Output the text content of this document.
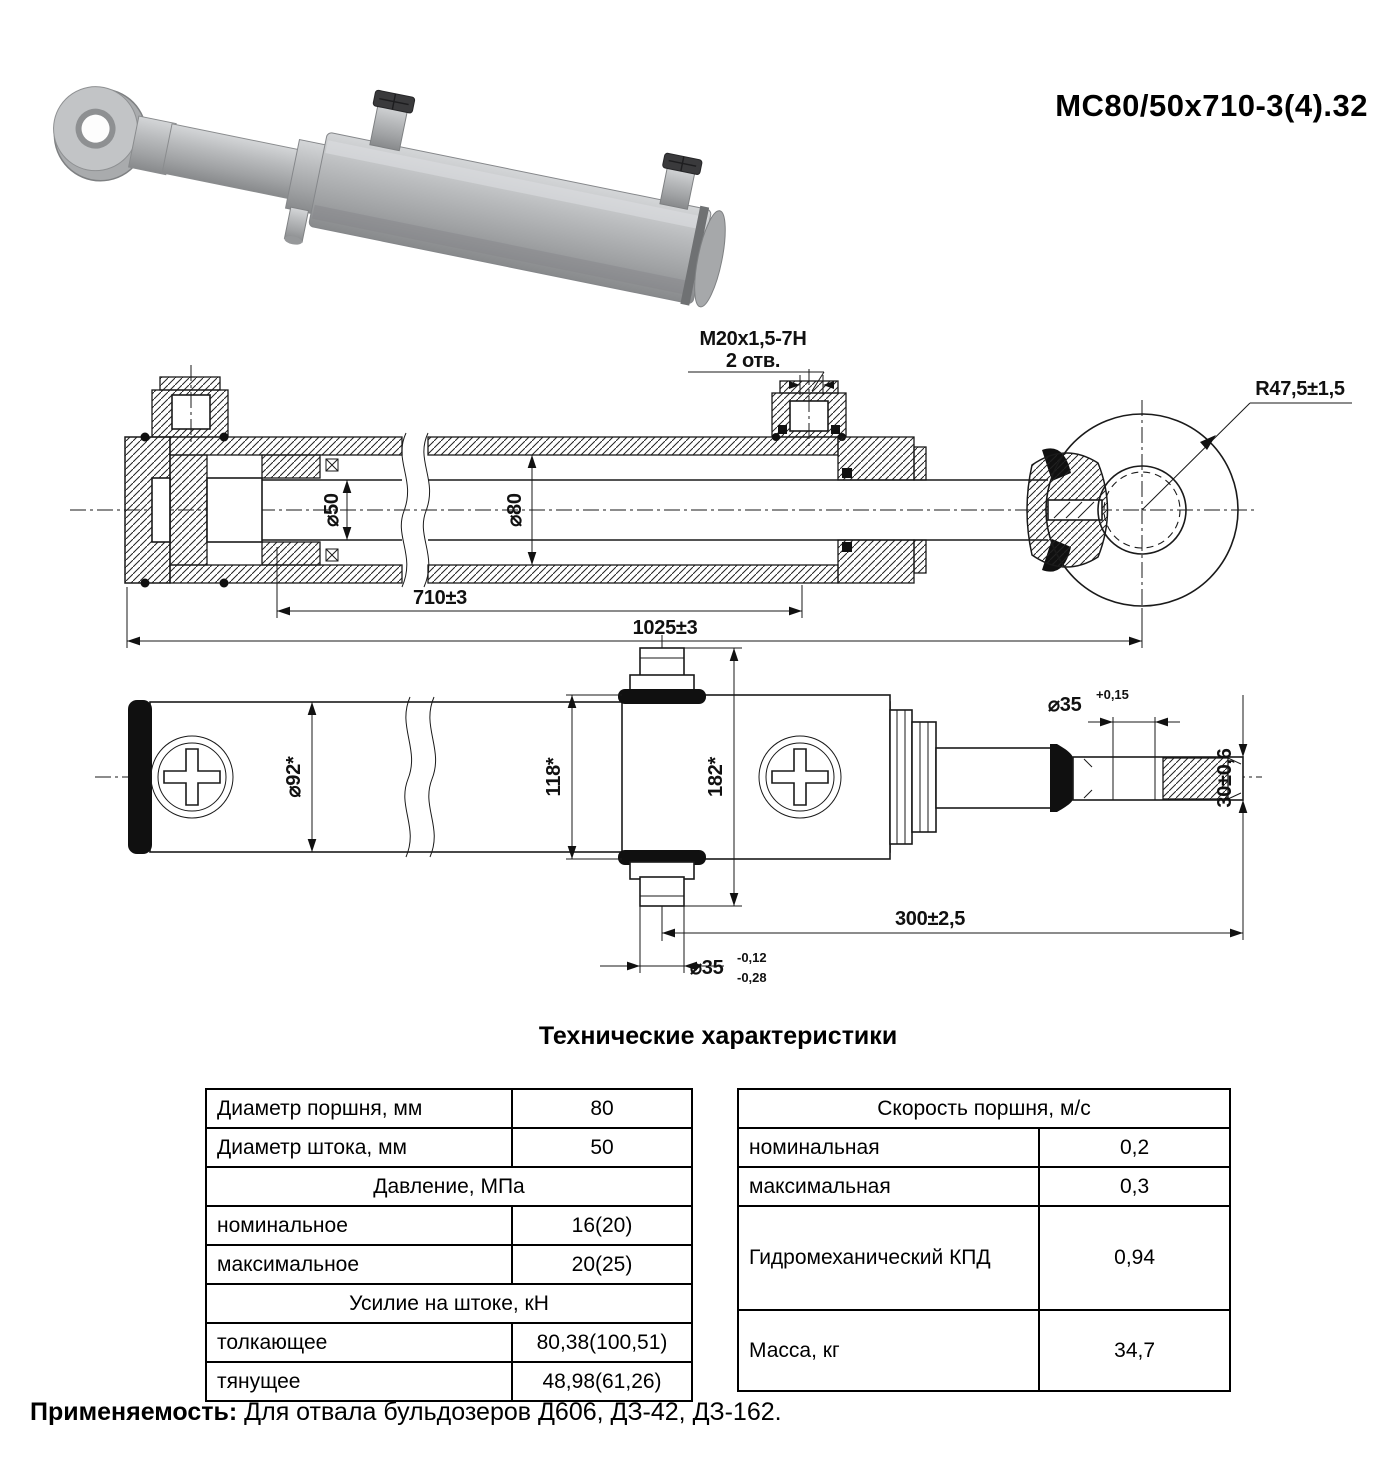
МС80/50х710-3(4).32
R47,5±1,5
М20х1,5-7Н
2 отв.
⌀50	⌀80
710±3
1025±3
⌀92*	118*	182*
⌀35 +0,15
30±0,6
300±2,5
⌀35 -0,12
-0,28
Технические характеристики
Диаметр поршня, мм	80
Диаметр штока, мм	50
Давление, МПа	
номинальное	16(20)
максимальное	20(25)
Усилие на штоке, кН	
толкающее	80,38(100,51)
тянущее	48,98(61,26)
Скорость поршня, м/с	
номинальная	0,2
максимальная	0,3
Гидромеханический КПД	0,94
Масса, кг	34,7
Применяемость: Для отвала бульдозеров Д606, ДЗ-42, ДЗ-162.
